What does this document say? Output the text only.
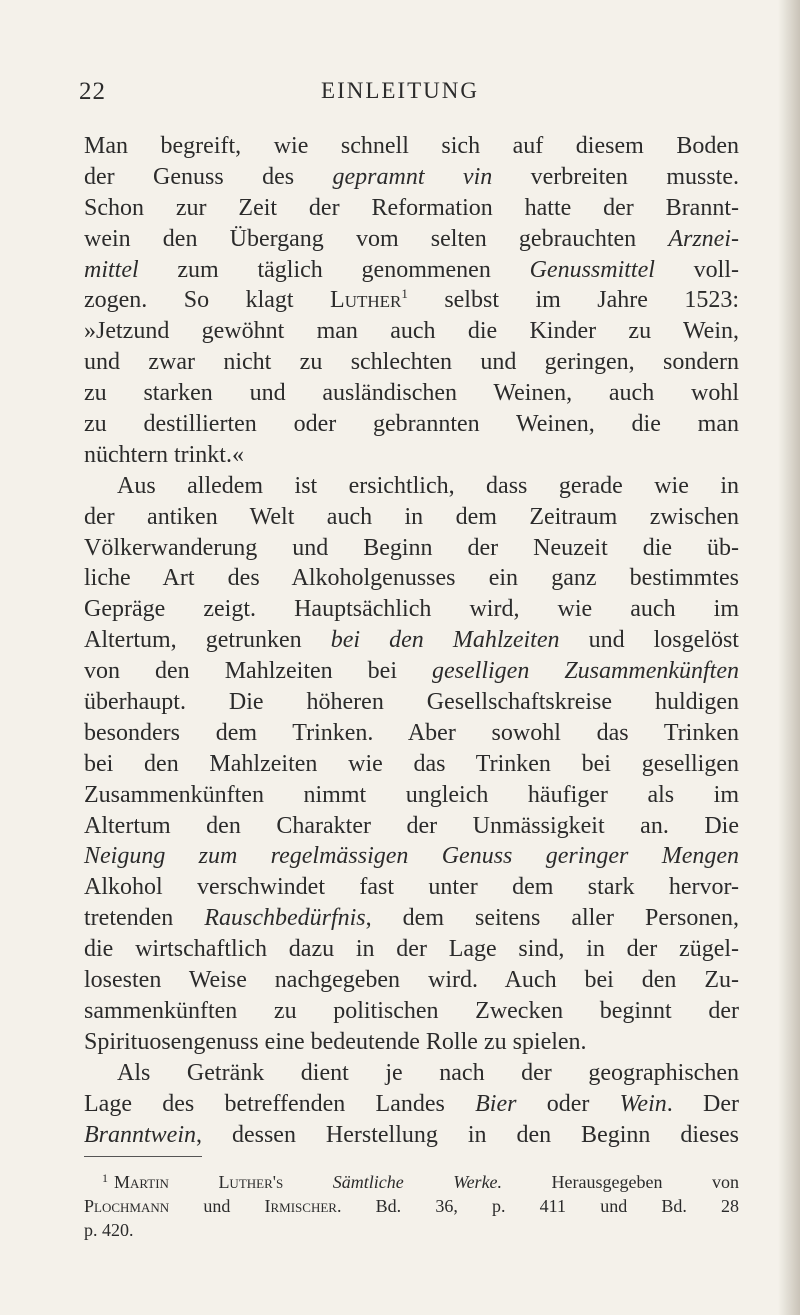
22	EINLEITUNG
Man begreift, wie schnell sich auf diesem Boden
der Genuss des gepramnt vin verbreiten musste.
Schon zur Zeit der Reformation hatte der Brannt-
wein den Übergang vom selten gebrauchten Arznei-
mittel zum täglich genommenen Genussmittel voll-
zogen. So klagt Luther$^1$ selbst im Jahre 1523:
»Jetzund gewöhnt man auch die Kinder zu Wein,
und zwar nicht zu schlechten und geringen, sondern
zu starken und ausländischen Weinen, auch wohl
zu destillierten oder gebrannten Weinen, die man
nüchtern trinkt.«
Aus alledem ist ersichtlich, dass gerade wie in
der antiken Welt auch in dem Zeitraum zwischen
Völkerwanderung und Beginn der Neuzeit die üb-
liche Art des Alkoholgenusses ein ganz bestimmtes
Gepräge zeigt. Hauptsächlich wird, wie auch im
Altertum, getrunken bei den Mahlzeiten und losgelöst
von den Mahlzeiten bei geselligen Zusammenkünften
überhaupt. Die höheren Gesellschaftskreise huldigen
besonders dem Trinken. Aber sowohl das Trinken
bei den Mahlzeiten wie das Trinken bei geselligen
Zusammenkünften nimmt ungleich häufiger als im
Altertum den Charakter der Unmässigkeit an. Die
Neigung zum regelmässigen Genuss geringer Mengen
Alkohol verschwindet fast unter dem stark hervor-
tretenden Rauschbedürfnis, dem seitens aller Personen,
die wirtschaftlich dazu in der Lage sind, in der zügel-
losesten Weise nachgegeben wird. Auch bei den Zu-
sammenkünften zu politischen Zwecken beginnt der
Spirituosengenuss eine bedeutende Rolle zu spielen.
Als Getränk dient je nach der geographischen
Lage des betreffenden Landes Bier oder Wein. Der
Branntwein, dessen Herstellung in den Beginn dieses
$^1$ Martin Luther's	Sämtliche Werke.	Herausgegeben von
Plochmann und Irmischer. Bd. 36, p. 411 und Bd. 28
p. 420.
